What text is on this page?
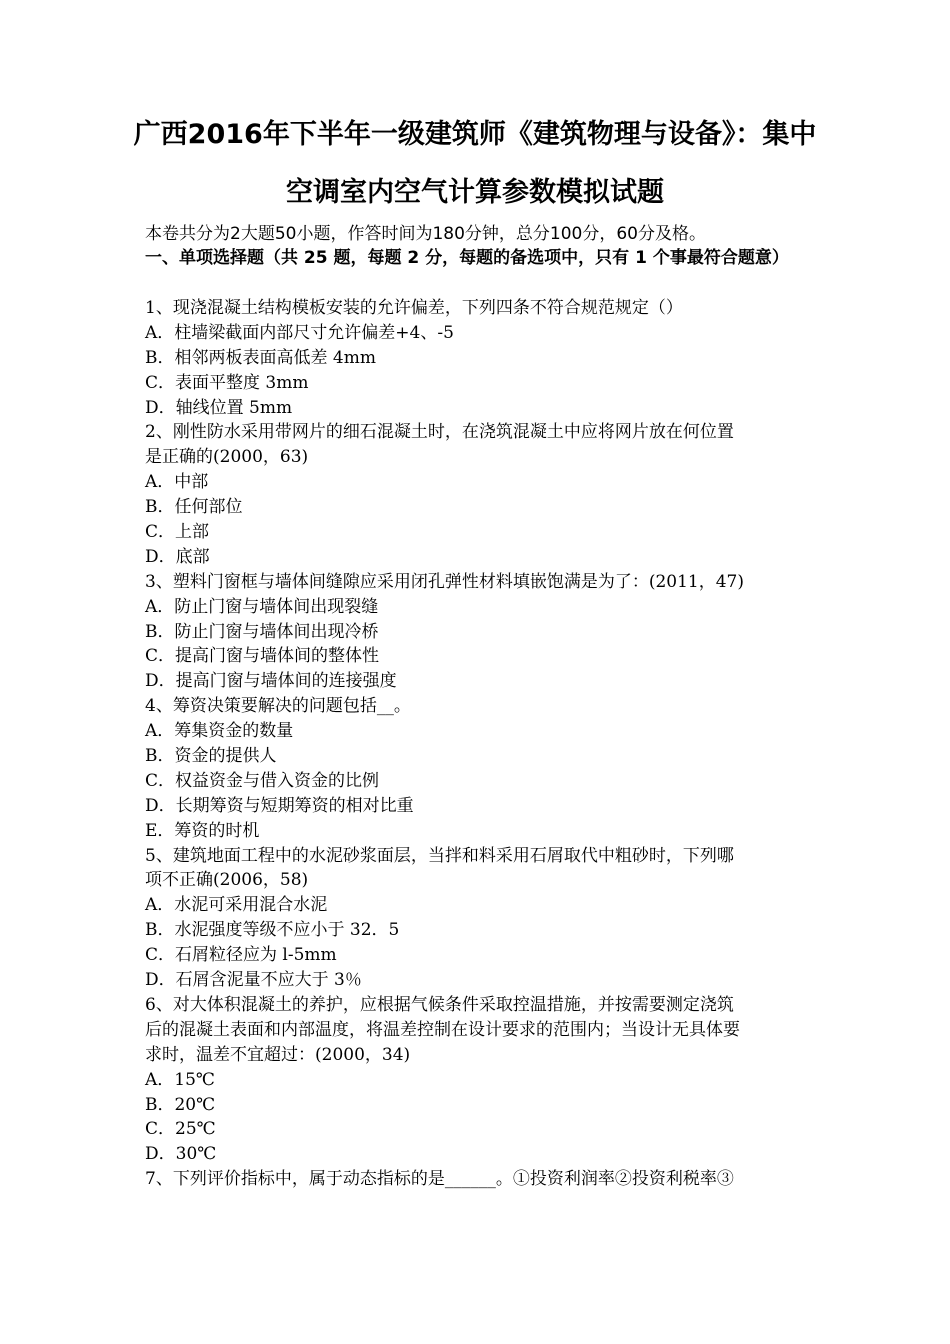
广西2016年下半年一级建筑师《建筑物理与设备》：集中
空调室内空气计算参数模拟试题
本卷共分为2大题50小题，作答时间为180分钟，总分100分，60分及格。
一、单项选择题（共 25 题，每题 2 分，每题的备选项中，只有 1 个事最符合题意）
1、现浇混凝土结构模板安装的允许偏差，下列四条不符合规范规定（）
A．柱墙梁截面内部尺寸允许偏差+4、-5
B．相邻两板表面高低差 4mm
C．表面平整度 3mm
D．轴线位置 5mm
2、刚性防水采用带网片的细石混凝土时，在浇筑混凝土中应将网片放在何位置
是正确的(2000，63)
A．中部
B．任何部位
C．上部
D．底部
3、塑料门窗框与墙体间缝隙应采用闭孔弹性材料填嵌饱满是为了：(2011，47)
A．防止门窗与墙体间出现裂缝
B．防止门窗与墙体间出现冷桥
C．提高门窗与墙体间的整体性
D．提高门窗与墙体间的连接强度
4、筹资决策要解决的问题包括__。
A．筹集资金的数量
B．资金的提供人
C．权益资金与借入资金的比例
D．长期筹资与短期筹资的相对比重
E．筹资的时机
5、建筑地面工程中的水泥砂浆面层，当拌和料采用石屑取代中粗砂时，下列哪
项不正确(2006，58)
A．水泥可采用混合水泥
B．水泥强度等级不应小于 32．5
C．石屑粒径应为 l-5mm
D．石屑含泥量不应大于 3％
6、对大体积混凝土的养护，应根据气候条件采取控温措施，并按需要测定浇筑
后的混凝土表面和内部温度，将温差控制在设计要求的范围内；当设计无具体要
求时，温差不宜超过：(2000，34)
A．15℃
B．20℃
C．25℃
D．30℃
7、下列评价指标中，属于动态指标的是______。①投资利润率②投资利税率③
